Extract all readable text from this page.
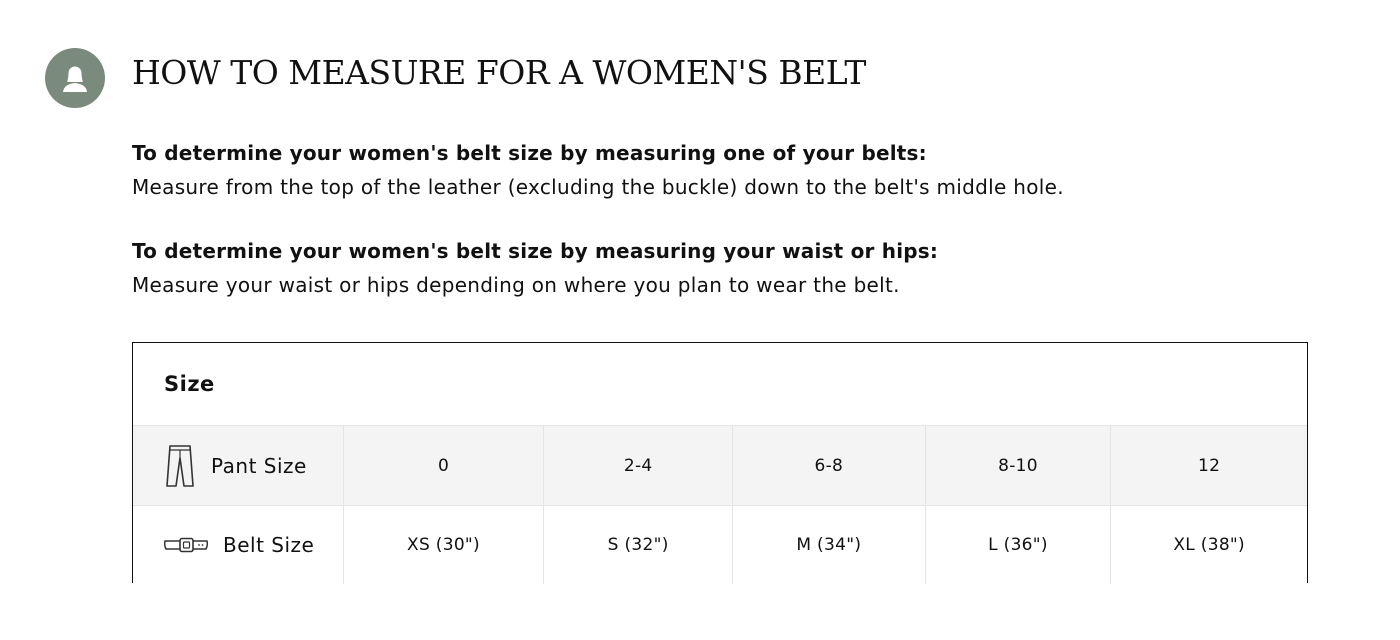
HOW TO MEASURE FOR A WOMEN'S BELT
To determine your women's belt size by measuring one of your belts:
Measure from the top of the leather (excluding the buckle) down to the belt's middle hole.
To determine your women's belt size by measuring your waist or hips:
Measure your waist or hips depending on where you plan to wear the belt.
Size
Pant Size	0	2-4	6-8	8-10	12
Belt Size	XS (30")	S (32")	M (34")	L (36")	XL (38")
